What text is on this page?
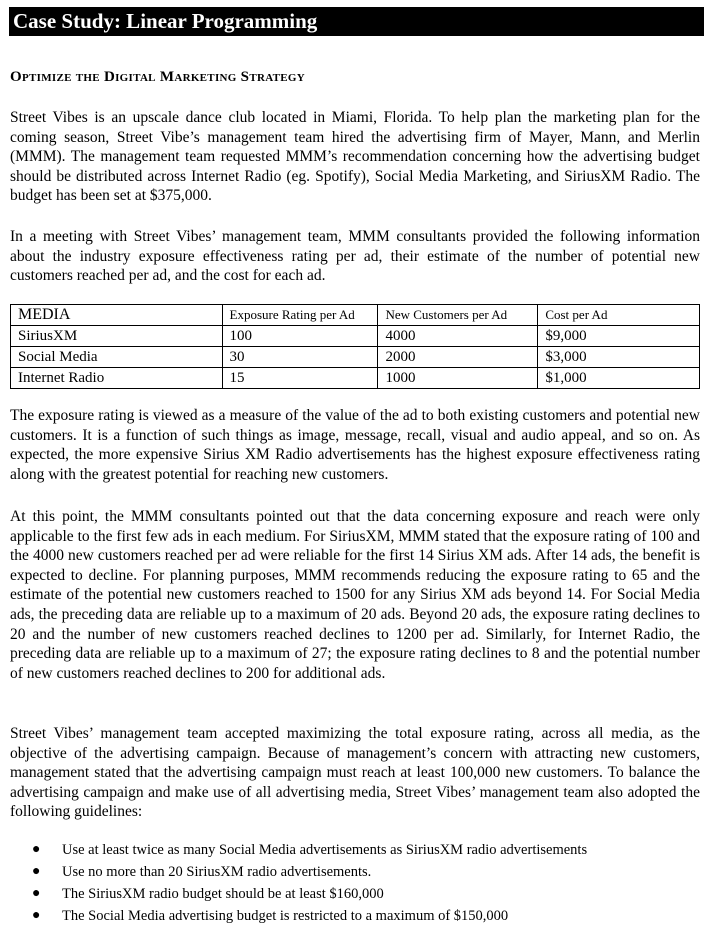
Case Study: Linear Programming
Optimize the Digital Marketing Strategy

Street Vibes is an upscale dance club located in Miami, Florida. To help plan the marketing plan for the coming season, Street Vibe’s management team hired the advertising firm of Mayer, Mann, and Merlin (MMM). The management team requested MMM’s recommendation concerning how the advertising budget should be distributed across Internet Radio (eg. Spotify), Social Media Marketing, and SiriusXM Radio. The budget has been set at $375,000.

In a meeting with Street Vibes’ management team, MMM consultants provided the following information about the industry exposure effectiveness rating per ad, their estimate of the number of potential new customers reached per ad, and the cost for each ad.

MEDIA	Exposure Rating per Ad	New Customers per Ad	Cost per Ad
SiriusXM	100	4000	$9,000
Social Media	30	2000	$3,000
Internet Radio	15	1000	$1,000

The exposure rating is viewed as a measure of the value of the ad to both existing customers and potential new customers. It is a function of such things as image, message, recall, visual and audio appeal, and so on. As expected, the more expensive Sirius XM Radio advertisements has the highest exposure effectiveness rating along with the greatest potential for reaching new customers.

At this point, the MMM consultants pointed out that the data concerning exposure and reach were only applicable to the first few ads in each medium. For SiriusXM, MMM stated that the exposure rating of 100 and the 4000 new customers reached per ad were reliable for the first 14 Sirius XM ads. After 14 ads, the benefit is expected to decline. For planning purposes, MMM recommends reducing the exposure rating to 65 and the estimate of the potential new customers reached to 1500 for any Sirius XM ads beyond 14. For Social Media ads, the preceding data are reliable up to a maximum of 20 ads. Beyond 20 ads, the exposure rating declines to 20 and the number of new customers reached declines to 1200 per ad. Similarly, for Internet Radio, the preceding data are reliable up to a maximum of 27; the exposure rating declines to 8 and the potential number of new customers reached declines to 200 for additional ads.

Street Vibes’ management team accepted maximizing the total exposure rating, across all media, as the objective of the advertising campaign. Because of management’s concern with attracting new customers, management stated that the advertising campaign must reach at least 100,000 new customers. To balance the advertising campaign and make use of all advertising media, Street Vibes’ management team also adopted the following guidelines:

● Use at least twice as many Social Media advertisements as SiriusXM radio advertisements
● Use no more than 20 SiriusXM radio advertisements.
● The SiriusXM radio budget should be at least $160,000
● The Social Media advertising budget is restricted to a maximum of $150,000
